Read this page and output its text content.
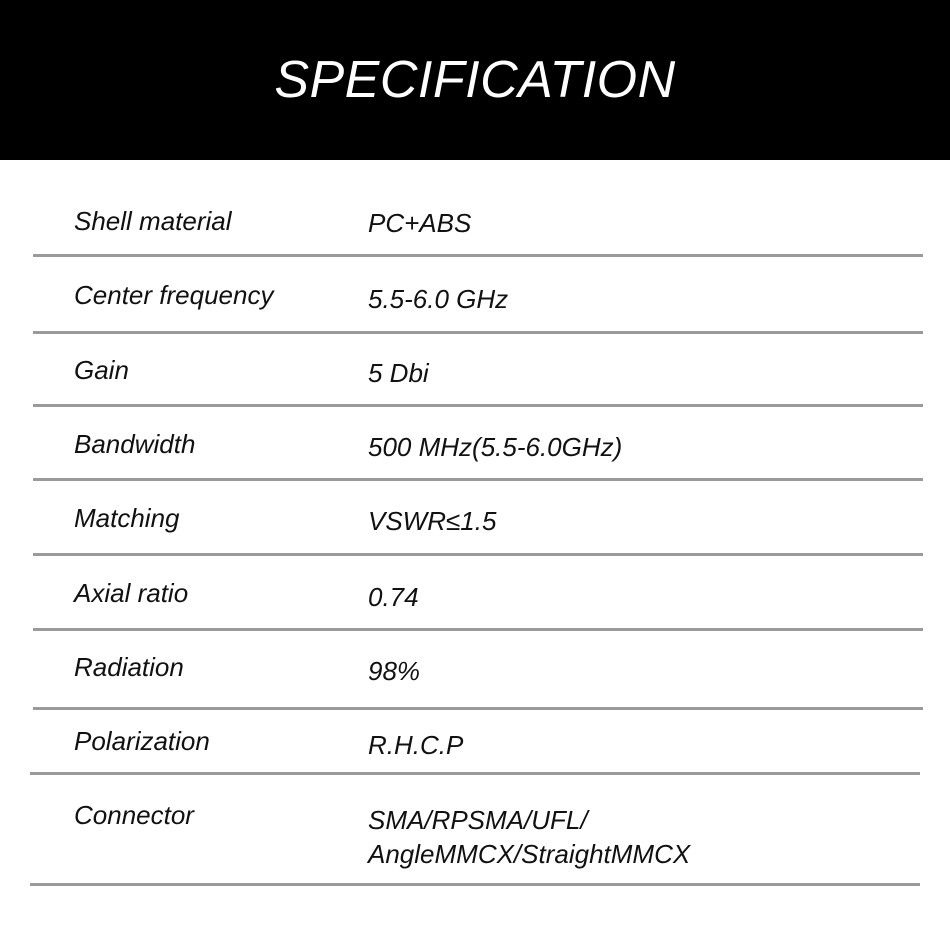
SPECIFICATION
Shell material	PC+ABS
Center frequency	5.5-6.0 GHz
Gain	5 Dbi
Bandwidth	500 MHz(5.5-6.0GHz)
Matching	VSWR≤1.5
Axial ratio	0.74
Radiation	98%
Polarization	R.H.C.P
Connector	SMA/RPSMA/UFL/
AngleMMCX/StraightMMCX
